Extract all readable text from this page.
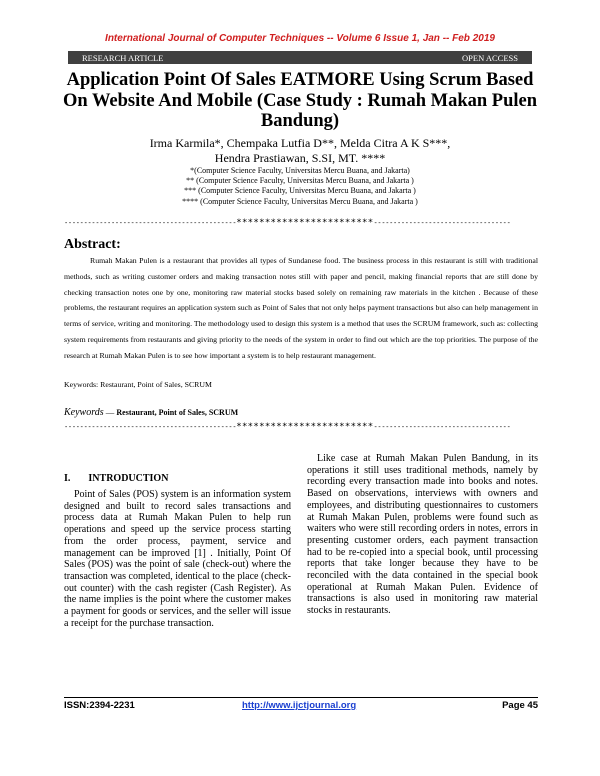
International Journal of Computer Techniques -- Volume 6 Issue 1, Jan -- Feb 2019
RESEARCH ARTICLE	OPEN ACCESS
Application Point Of Sales EATMORE Using Scrum Based On Website And Mobile (Case Study : Rumah Makan Pulen Bandung)
Irma Karmila*, Chempaka Lutfia D**, Melda Citra A K S***,
Hendra Prastiawan, S.SI, MT. ****
*(Computer Science Faculty, Universitas Mercu Buana, and Jakarta)
** (Computer Science Faculty, Universitas Mercu Buana, and Jakarta )
*** (Computer Science Faculty, Universitas Mercu Buana, and Jakarta )
**** (Computer Science Faculty, Universitas Mercu Buana, and Jakarta )
--------------------------------------------************************-----------------------------------
Abstract:

Rumah Makan Pulen is a restaurant that provides all types of Sundanese food. The business process in this restaurant is still with traditional methods, such as writing customer orders and making transaction notes still with paper and pencil, making financial reports that are still done by checking transaction notes one by one, monitoring raw material stocks based solely on remaining raw materials in the kitchen . Because of these problems, the restaurant requires an application system such as Point of Sales that not only helps payment transactions but also can help management in terms of service, writing and monitoring. The methodology used to design this system is a method that uses the SCRUM framework, such as: collecting system requirements from restaurants and giving priority to the needs of the system in order to find out which are the top priorities. The purpose of the research at Rumah Makan Pulen is to see how important a system is to help restaurant management.

Keywords: Restaurant, Point of Sales, SCRUM
Keywords — Restaurant, Point of Sales, SCRUM
--------------------------------------------************************-----------------------------------
I. INTRODUCTION

Point of Sales (POS) system is an information system designed and built to record sales transactions and process data at Rumah Makan Pulen to help run operations and speed up the service process starting from the order process, payment, service and management can be improved [1] . Initially, Point Of Sales (POS) was the point of sale (check-out) where the transaction was completed, identical to the place (check-out counter) with the cash register (Cash Register). As the name implies is the point where the customer makes a payment for goods or services, and the seller will issue a receipt for the purchase transaction.

Like case at Rumah Makan Pulen Bandung, in its operations it still uses traditional methods, namely by recording every transaction made into books and notes. Based on observations, interviews with owners and employees, and distributing questionnaires to customers at Rumah Makan Pulen, problems were found such as waiters who were still recording orders in notes, errors in presenting customer orders, each payment transaction had to be re-copied into a special book, until processing reports that take longer because they have to be reconciled with the data contained in the special book operational at Rumah Makan Pulen. Evidence of transactions is also used in monitoring raw material stocks in restaurants.

ISSN:2394-2231	http://www.ijctjournal.org	Page 45
